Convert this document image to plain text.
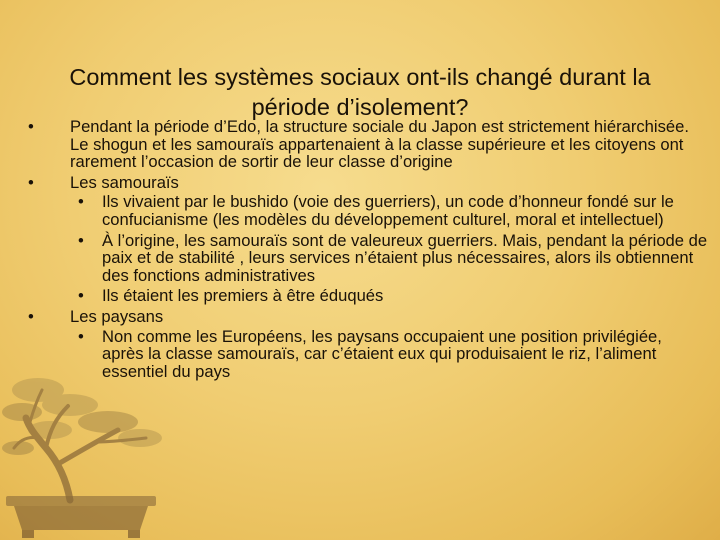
Comment les systèmes sociaux ont-ils changé durant la période d’isolement?
• Pendant la période d’Edo, la structure sociale du Japon est strictement hiérarchisée. Le shogun et les samouraïs appartenaient à la classe supérieure et les citoyens ont rarement l’occasion de sortir de leur classe d’origine
• Les samouraïs
• Ils vivaient par le bushido (voie des guerriers), un code d’honneur fondé sur le confucianisme (les modèles du développement culturel, moral et intellectuel)
• À l’origine, les samouraïs sont de valeureux guerriers. Mais, pendant la période de paix et de stabilité , leurs services n’étaient plus nécessaires, alors ils obtiennent des fonctions administratives
• Ils étaient les premiers à être éduqués
• Les paysans
• Non comme les Européens, les paysans occupaient une position privilégiée, après la classe samouraïs, car c’étaient eux qui produisaient le riz, l’aliment essentiel du pays
